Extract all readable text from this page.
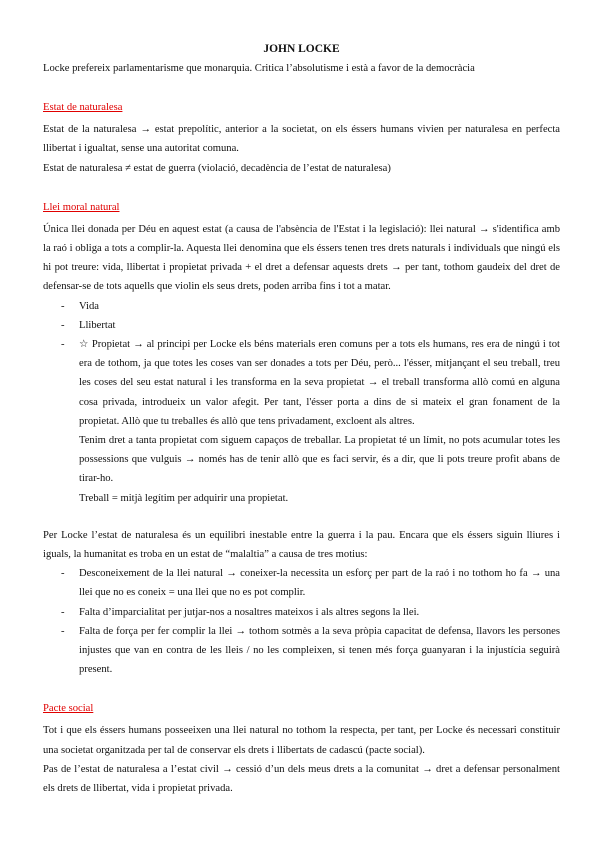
JOHN LOCKE

Locke prefereix parlamentarisme que monarquia. Critica l’absolutisme i està a favor de la democràcia

Estat de naturalesa

Estat de la naturalesa → estat prepolític, anterior a la societat, on els éssers humans vivien per naturalesa en perfecta llibertat i igualtat, sense una autoritat comuna.

Estat de naturalesa ≠ estat de guerra (violació, decadència de l’estat de naturalesa)

Llei moral natural

Única llei donada per Déu en aquest estat (a causa de l'absència de l'Estat i la legislació): llei natural → s'identifica amb la raó i obliga a tots a complir-la. Aquesta llei denomina que els éssers tenen tres drets naturals i individuals que ningú els hi pot treure: vida, llibertat i propietat privada + el dret a defensar aquests drets → per tant, tothom gaudeix del dret de defensar-se de tots aquells que violin els seus drets, poden arriba fins i tot a matar.

- Vida
- Llibertat
- ☆ Propietat → al principi per Locke els béns materials eren comuns per a tots els humans, res era de ningú i tot era de tothom, ja que totes les coses van ser donades a tots per Déu, però... l'ésser, mitjançant el seu treball, treu les coses del seu estat natural i les transforma en la seva propietat → el treball transforma allò comú en alguna cosa privada, introdueix un valor afegit. Per tant, l'ésser porta a dins de si mateix el gran fonament de la propietat. Allò que tu treballes és allò que tens privadament, excloent als altres.

Tenim dret a tanta propietat com siguem capaços de treballar. La propietat té un límit, no pots acumular totes les possessions que vulguis → només has de tenir allò que es faci servir, és a dir, que li pots treure profit abans de tirar-ho.

Treball = mitjà legítim per adquirir una propietat.

Per Locke l’estat de naturalesa és un equilibri inestable entre la guerra i la pau. Encara que els éssers siguin lliures i iguals, la humanitat es troba en un estat de “malaltia” a causa de tres motius:

- Desconeixement de la llei natural → coneixer-la necessita un esforç per part de la raó i no tothom ho fa → una llei que no es coneix = una llei que no es pot complir.
- Falta d’imparcialitat per jutjar-nos a nosaltres mateixos i als altres segons la llei.
- Falta de força per fer complir la llei → tothom sotmès a la seva pròpia capacitat de defensa, llavors les persones injustes que van en contra de les lleis / no les compleixen, si tenen més força guanyaran i la injustícia seguirà present.
Pacte social

Tot i que els éssers humans posseeixen una llei natural no tothom la respecta, per tant, per Locke és necessari constituir una societat organitzada per tal de conservar els drets i llibertats de cadascú (pacte social).

Pas de l’estat de naturalesa a l’estat civil → cessió d’un dels meus drets a la comunitat → dret a defensar personalment els drets de llibertat, vida i propietat privada.
